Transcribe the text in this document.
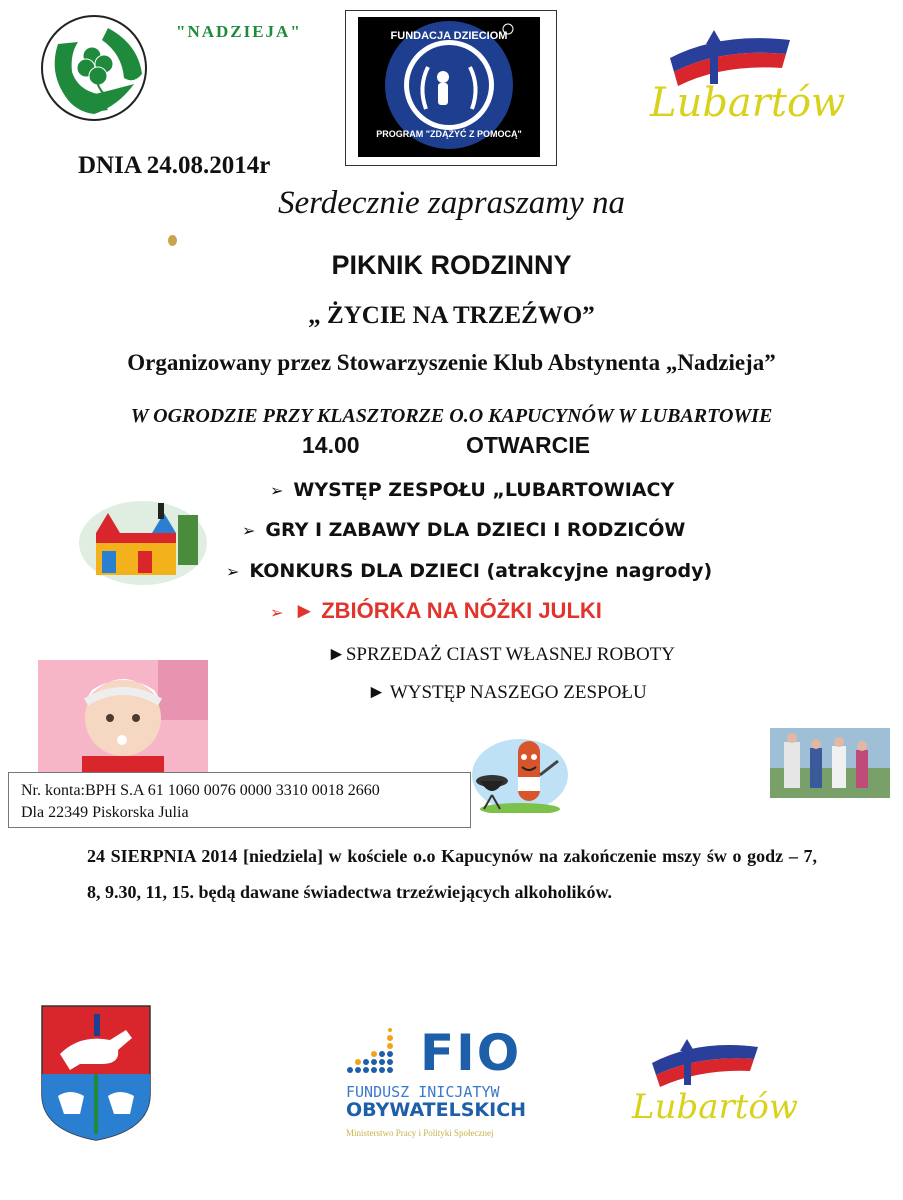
"NADZIEJA"	FUNDACJA DZIECIOM
PROGRAM "ZDĄŻYĆ Z POMOCĄ"
Lubartów
DNIA 24.08.2014r
Serdecznie zapraszamy na
PIKNIK RODZINNY
„ ŻYCIE NA TRZEŹWO”
Organizowany przez Stowarzyszenie Klub Abstynenta „Nadzieja”
W OGRODZIE PRZY KLASZTORZE O.O KAPUCYNÓW W LUBARTOWIE
14.00	OTWARCIE
➢ WYSTĘP ZESPOŁU „LUBARTOWIACY
➢ GRY I ZABAWY DLA DZIECI I RODZICÓW
➢ KONKURS DLA DZIECI (atrakcyjne nagrody)
➢ ► ZBIÓRKA NA NÓŻKI JULKI
►SPRZEDAŻ CIAST WŁASNEJ ROBOTY
► WYSTĘP NASZEGO ZESPOŁU
Nr. konta:BPH S.A 61 1060 0076 0000 3310 0018 2660
Dla 22349 Piskorska Julia
24 SIERPNIA 2014 [niedziela] w kościele o.o Kapucynów na zakończenie mszy św o godz – 7, 8, 9.30, 11, 15. będą dawane świadectwa trzeźwiejących alkoholików.
FIO
FUNDUSZ INICJATYW
OBYWATELSKICH
Ministerstwo Pracy i Polityki Społecznej
Lubartów
